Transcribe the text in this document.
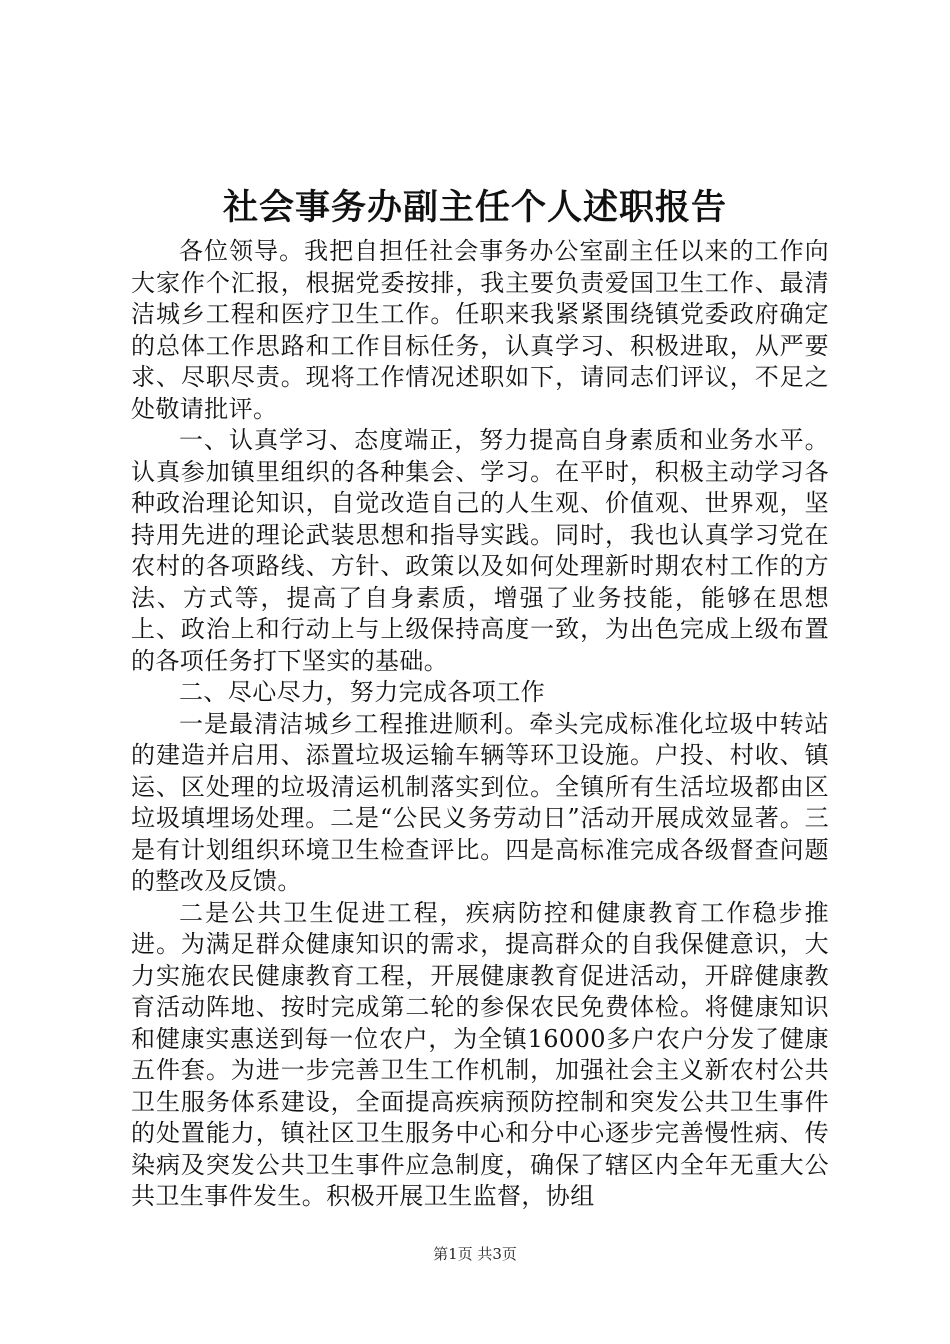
社会事务办副主任个人述职报告

各位领导。我把自担任社会事务办公室副主任以来的工作向大家作个汇报，根据党委按排，我主要负责爱国卫生工作、最清洁城乡工程和医疗卫生工作。任职来我紧紧围绕镇党委政府确定的总体工作思路和工作目标任务，认真学习、积极进取，从严要求、尽职尽责。现将工作情况述职如下，请同志们评议，不足之处敬请批评。

一、认真学习、态度端正，努力提高自身素质和业务水平。认真参加镇里组织的各种集会、学习。在平时，积极主动学习各种政治理论知识，自觉改造自己的人生观、价值观、世界观，坚持用先进的理论武装思想和指导实践。同时，我也认真学习党在农村的各项路线、方针、政策以及如何处理新时期农村工作的方法、方式等，提高了自身素质，增强了业务技能，能够在思想上、政治上和行动上与上级保持高度一致，为出色完成上级布置的各项任务打下坚实的基础。

二、尽心尽力，努力完成各项工作

一是最清洁城乡工程推进顺利。牵头完成标准化垃圾中转站的建造并启用、添置垃圾运输车辆等环卫设施。户投、村收、镇运、区处理的垃圾清运机制落实到位。全镇所有生活垃圾都由区垃圾填埋场处理。二是“公民义务劳动日”活动开展成效显著。三是有计划组织环境卫生检查评比。四是高标准完成各级督查问题的整改及反馈。

二是公共卫生促进工程，疾病防控和健康教育工作稳步推进。为满足群众健康知识的需求，提高群众的自我保健意识，大力实施农民健康教育工程，开展健康教育促进活动，开辟健康教育活动阵地、按时完成第二轮的参保农民免费体检。将健康知识和健康实惠送到每一位农户，为全镇16000多户农户分发了健康五件套。为进一步完善卫生工作机制，加强社会主义新农村公共卫生服务体系建设，全面提高疾病预防控制和突发公共卫生事件的处置能力，镇社区卫生服务中心和分中心逐步完善慢性病、传染病及突发公共卫生事件应急制度，确保了辖区内全年无重大公共卫生事件发生。积极开展卫生监督，协组

第1页 共3页
